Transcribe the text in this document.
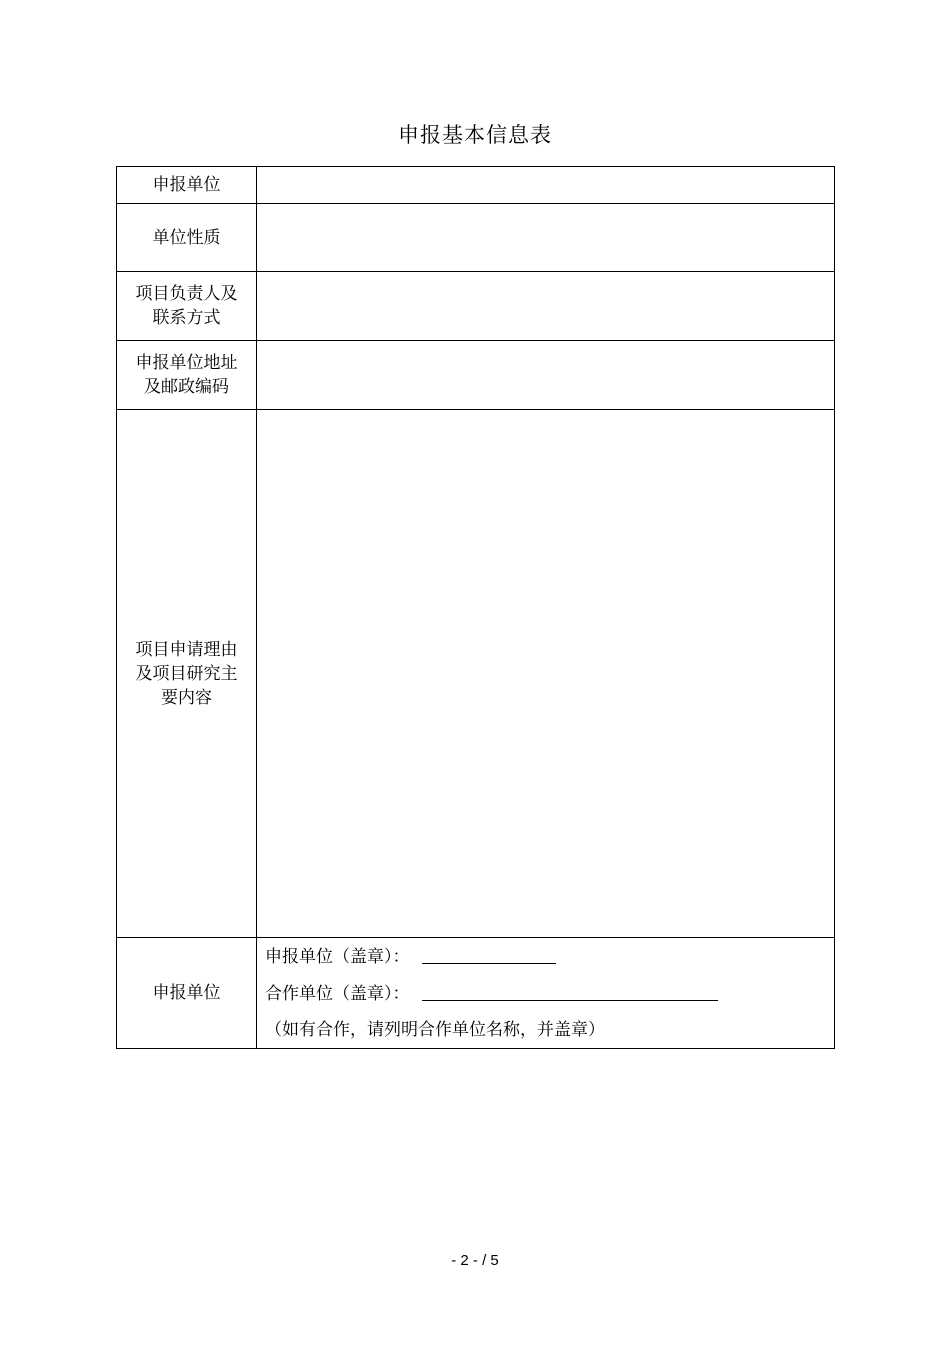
申报基本信息表
申报单位	
单位性质	
项目负责人及联系方式	
申报单位地址及邮政编码	
项目申请理由及项目研究主要内容	
申报单位	申报单位（盖章）：
合作单位（盖章）：
（如有合作，请列明合作单位名称，并盖章）
- 2 - / 5
